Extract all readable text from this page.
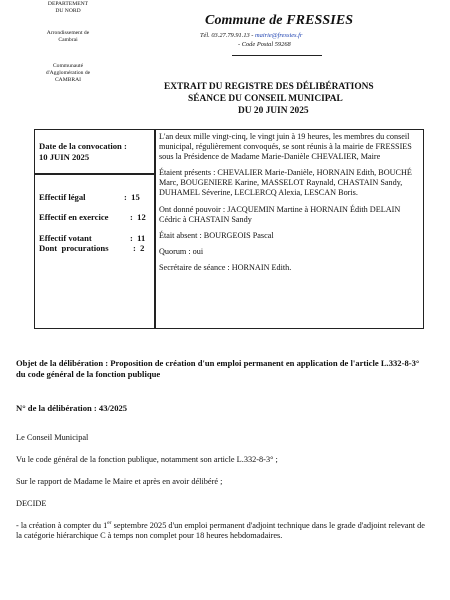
DEPARTEMENT
DU NORD
Arrondissement de
Cambrai
Communauté
d'Agglomération de
CAMBRAI
Commune de FRESSIES
Tél. 03.27.79.91.13 - mairie@fressies.fr
- Code Postal 59268
EXTRAIT DU REGISTRE DES DÉLIBÉRATIONS
SÉANCE DU CONSEIL MUNICIPAL
DU 20 JUIN 2025
Date de la convocation :
10 JUIN 2025
Effectif légal	:  15
Effectif en exercice :  12
Effectif votant	:  11
Dont  procurations	:  2

L'an deux mille vingt-cinq, le vingt juin à 19 heures, les membres du conseil municipal, régulièrement convoqués, se sont réunis à la mairie de FRESSIES sous la Présidence de Madame Marie-Danièle CHEVALIER, Maire

Étaient présents : CHEVALIER Marie-Danièle, HORNAIN Edith, BOUCHÉ Marc, BOUGENIERE Karine, MASSELOT Raynald, CHASTAIN Sandy, DUHAMEL Séverine, LECLERCQ Alexia, LESCAN Boris.

Ont donné pouvoir : JACQUEMIN Martine à HORNAIN Édith DELAIN Cédric à CHASTAIN Sandy

Était absent : BOURGEOIS Pascal

Quorum : oui

Secrétaire de séance : HORNAIN Edith.

Objet de la délibération : Proposition de création d'un emploi permanent en application de l'article L.332-8-3° du code général de la fonction publique
N° de la délibération : 43/2025
Le Conseil Municipal
Vu le code général de la fonction publique, notamment son article L.332-8-3° ;
Sur le rapport de Madame le Maire et après en avoir délibéré ;
DECIDE
- la création à compter du 1er septembre 2025 d'un emploi permanent d'adjoint technique dans le grade d'adjoint relevant de la catégorie hiérarchique C à temps non complet pour 18 heures hebdomadaires.
